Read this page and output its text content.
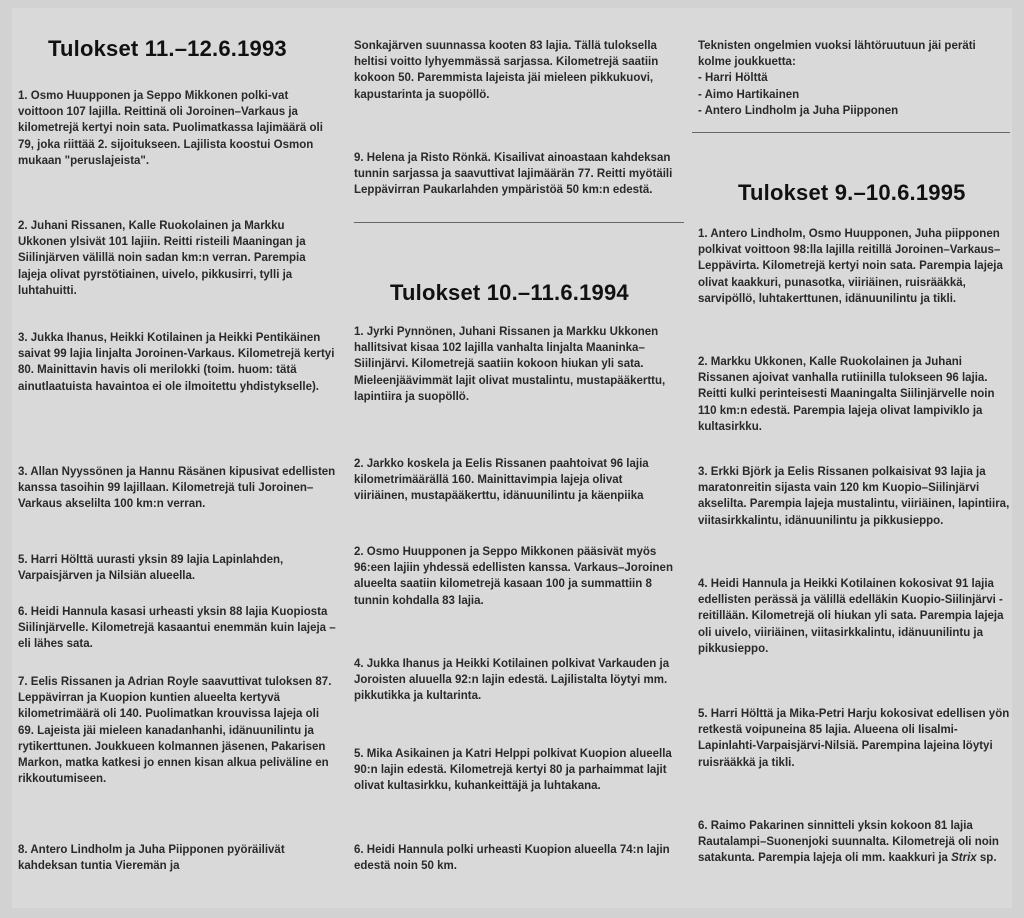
Tulokset 11.–12.6.1993

1. Osmo Huupponen ja Seppo Mikkonen polki-vat voittoon 107 lajilla. Reittinä oli Joroinen–Varkaus ja kilometrejä kertyi noin sata. Puolimatkassa lajimäärä oli 79, joka riittää 2. sijoitukseen. Lajilista koostui Osmon mukaan "peruslajeista".

2. Juhani Rissanen, Kalle Ruokolainen ja Markku Ukkonen ylsivät 101 lajiin. Reitti risteili Maaningan ja Siilinjärven välillä noin sadan km:n verran. Parempia lajeja olivat pyrstötiainen, uivelo, pikkusirri, tylli ja luhtahuitti.

3. Jukka Ihanus, Heikki Kotilainen ja Heikki Pentikäinen saivat 99 lajia linjalta Joroinen-Varkaus. Kilometrejä kertyi 80. Mainittavin havis oli merilokki (toim. huom: tätä ainutlaatuista havaintoa ei ole ilmoitettu yhdistykselle).

3. Allan Nyyssönen ja Hannu Räsänen kipusivat edellisten kanssa tasoihin 99 lajillaan. Kilometrejä tuli Joroinen–Varkaus akselilta 100 km:n verran.

5. Harri Hölttä uurasti yksin 89 lajia Lapinlahden, Varpaisjärven ja Nilsiän alueella.

6. Heidi Hannula kasasi urheasti yksin 88 lajia Kuopiosta Siilinjärvelle. Kilometrejä kasaantui enemmän kuin lajeja – eli lähes sata.

7. Eelis Rissanen ja Adrian Royle saavuttivat tuloksen 87. Leppävirran ja Kuopion kuntien alueelta kertyvä kilometrimäärä oli 140. Puolimatkan krouvissa lajeja oli 69. Lajeista jäi mieleen kanadanhanhi, idänuunilintu ja rytikerttunen. Joukkueen kolmannen jäsenen, Pakarisen Markon, matka katkesi jo ennen kisan alkua peliväline en rikkoutumiseen.

8. Antero Lindholm ja Juha Piipponen pyöräilivät kahdeksan tuntia Vieremän ja

Sonkajärven suunnassa kooten 83 lajia. Tällä tuloksella heltisi voitto lyhyemmässä sarjassa. Kilometrejä saatiin kokoon 50. Paremmista lajeista jäi mieleen pikkukuovi, kapustarinta ja suopöllö.

9. Helena ja Risto Rönkä. Kisailivat ainoastaan kahdeksan tunnin sarjassa ja saavuttivat lajimäärän 77. Reitti myötäili Leppävirran Paukarlahden ympäristöä 50 km:n edestä.

Tulokset 10.–11.6.1994

1. Jyrki Pynnönen, Juhani Rissanen ja Markku Ukkonen hallitsivat kisaa 102 lajilla vanhalta linjalta Maaninka–Siilinjärvi. Kilometrejä saatiin kokoon hiukan yli sata. Mieleenjäävimmät lajit olivat mustalintu, mustapääkerttu, lapintiira ja suopöllö.

2. Jarkko koskela ja Eelis Rissanen paahtoivat 96 lajia kilometrimäärällä 160. Mainittavimpia lajeja olivat viiriäinen, mustapääkerttu, idänuunilintu ja käenpiika

2. Osmo Huupponen ja Seppo Mikkonen pääsivät myös 96:een lajiin yhdessä edellisten kanssa. Varkaus–Joroinen alueelta saatiin kilometrejä kasaan 100 ja summattiin 8 tunnin kohdalla 83 lajia.

4. Jukka Ihanus ja Heikki Kotilainen polkivat Varkauden ja Joroisten aluuella 92:n lajin edestä. Lajilistalta löytyi mm. pikkutikka ja kultarinta.

5. Mika Asikainen ja Katri Helppi polkivat Kuopion alueella 90:n lajin edestä. Kilometrejä kertyi 80 ja parhaimmat lajit olivat kultasirkku, kuhankeittäjä ja luhtakana.

6. Heidi Hannula polki urheasti Kuopion alueella 74:n lajin edestä noin 50 km.

Teknisten ongelmien vuoksi lähtöruutuun jäi peräti kolme joukkuetta:

- Harri Hölttä
- Aimo Hartikainen
- Antero Lindholm ja Juha Piipponen
Tulokset 9.–10.6.1995

1. Antero Lindholm, Osmo Huupponen, Juha piipponen polkivat voittoon 98:lla lajilla reitillä Joroinen–Varkaus–Leppävirta. Kilometrejä kertyi noin sata. Parempia lajeja olivat kaakkuri, punasotka, viiriäinen, ruisrääkkä, sarvipöllö, luhtakerttunen, idänuunilintu ja tikli.

2. Markku Ukkonen, Kalle Ruokolainen ja Juhani Rissanen ajoivat vanhalla rutiinilla tulokseen 96 lajia. Reitti kulki perinteisesti Maaningalta Siilinjärvelle noin 110 km:n edestä. Parempia lajeja olivat lampiviklo ja kultasirkku.

3. Erkki Björk ja Eelis Rissanen polkaisivat 93 lajia ja maratonreitin sijasta vain 120 km Kuopio–Siilinjärvi akselilta. Parempia lajeja mustalintu, viiriäinen, lapintiira, viitasirkkalintu, idänuunilintu ja pikkusieppo.

4. Heidi Hannula ja Heikki Kotilainen kokosivat 91 lajia edellisten perässä ja välillä edelläkin Kuopio-Siilinjärvi -reitillään. Kilometrejä oli hiukan yli sata. Parempia lajeja oli uivelo, viiriäinen, viitasirkkalintu, idänuunilintu ja pikkusieppo.

5. Harri Hölttä ja Mika-Petri Harju kokosivat edellisen yön retkestä voipuneina 85 lajia. Alueena oli Iisalmi-Lapinlahti-Varpaisjärvi-Nilsiä. Parempina lajeina löytyi ruisrääkkä ja tikli.

6. Raimo Pakarinen sinnitteli yksin kokoon 81 lajia Rautalampi–Suonenjoki suunnalta. Kilometrejä oli noin satakunta. Parempia lajeja oli mm. kaakkuri ja Strix sp.
